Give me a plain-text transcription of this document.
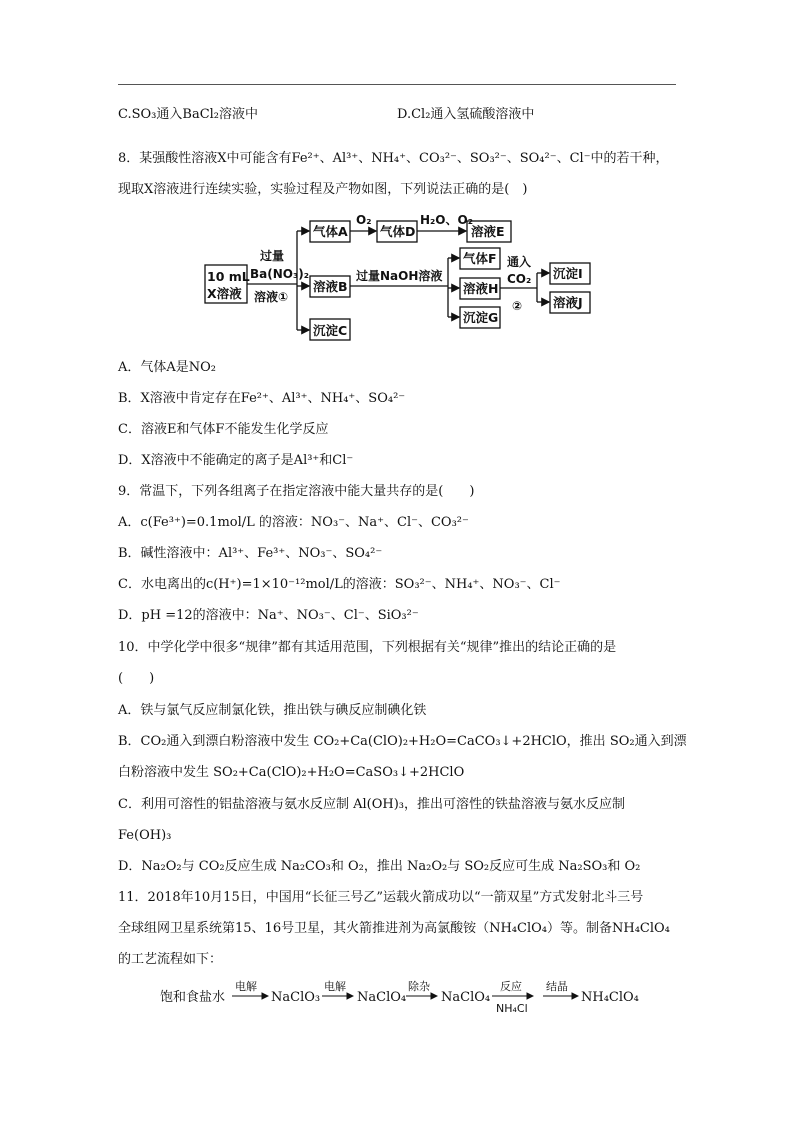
C.SO₃通入BaCl₂溶液中	D.Cl₂通入氢硫酸溶液中
8．某强酸性溶液X中可能含有Fe²⁺、Al³⁺、NH₄⁺、CO₃²⁻、SO₃²⁻、SO₄²⁻、Cl⁻中的若干种，
现取X溶液进行连续实验，实验过程及产物如图，下列说法正确的是(　)
10 mL
X溶液
过量
Ba(NO₃)₂
溶液①
气体A
O₂
气体D
H₂O、O₂
溶液E
溶液B
过量NaOH溶液
气体F
溶液H
沉淀G
通入
CO₂
②
沉淀I
溶液J
沉淀C
A．气体A是NO₂
B．X溶液中肯定存在Fe²⁺、Al³⁺、NH₄⁺、SO₄²⁻
C．溶液E和气体F不能发生化学反应
D．X溶液中不能确定的离子是Al³⁺和Cl⁻
9．常温下，下列各组离子在指定溶液中能大量共存的是(　　)
A．c(Fe³⁺)=0.1mol/L 的溶液：NO₃⁻、Na⁺、Cl⁻、CO₃²⁻
B．碱性溶液中：Al³⁺、Fe³⁺、NO₃⁻、SO₄²⁻
C．水电离出的c(H⁺)=1×10⁻¹²mol/L的溶液：SO₃²⁻、NH₄⁺、NO₃⁻、Cl⁻
D．pH =12的溶液中：Na⁺、NO₃⁻、Cl⁻、SiO₃²⁻
10．中学化学中很多“规律”都有其适用范围，下列根据有关“规律”推出的结论正确的是
(　　)
A．铁与氯气反应制氯化铁，推出铁与碘反应制碘化铁
B．CO₂通入到漂白粉溶液中发生 CO₂+Ca(ClO)₂+H₂O=CaCO₃↓+2HClO，推出 SO₂通入到漂
白粉溶液中发生 SO₂+Ca(ClO)₂+H₂O=CaSO₃↓+2HClO
C．利用可溶性的铝盐溶液与氨水反应制 Al(OH)₃，推出可溶性的铁盐溶液与氨水反应制
Fe(OH)₃
D．Na₂O₂与 CO₂反应生成 Na₂CO₃和 O₂，推出 Na₂O₂与 SO₂反应可生成 Na₂SO₃和 O₂
11．2018年10月15日，中国用“长征三号乙”运载火箭成功以“一箭双星”方式发射北斗三号
全球组网卫星系统第15、16号卫星，其火箭推进剂为高氯酸铵（NH₄ClO₄）等。制备NH₄ClO₄
的工艺流程如下：
饱和食盐水
电解
NaClO₃
电解
NaClO₄
除杂
NaClO₄
反应
NH₄Cl
结晶
NH₄ClO₄
